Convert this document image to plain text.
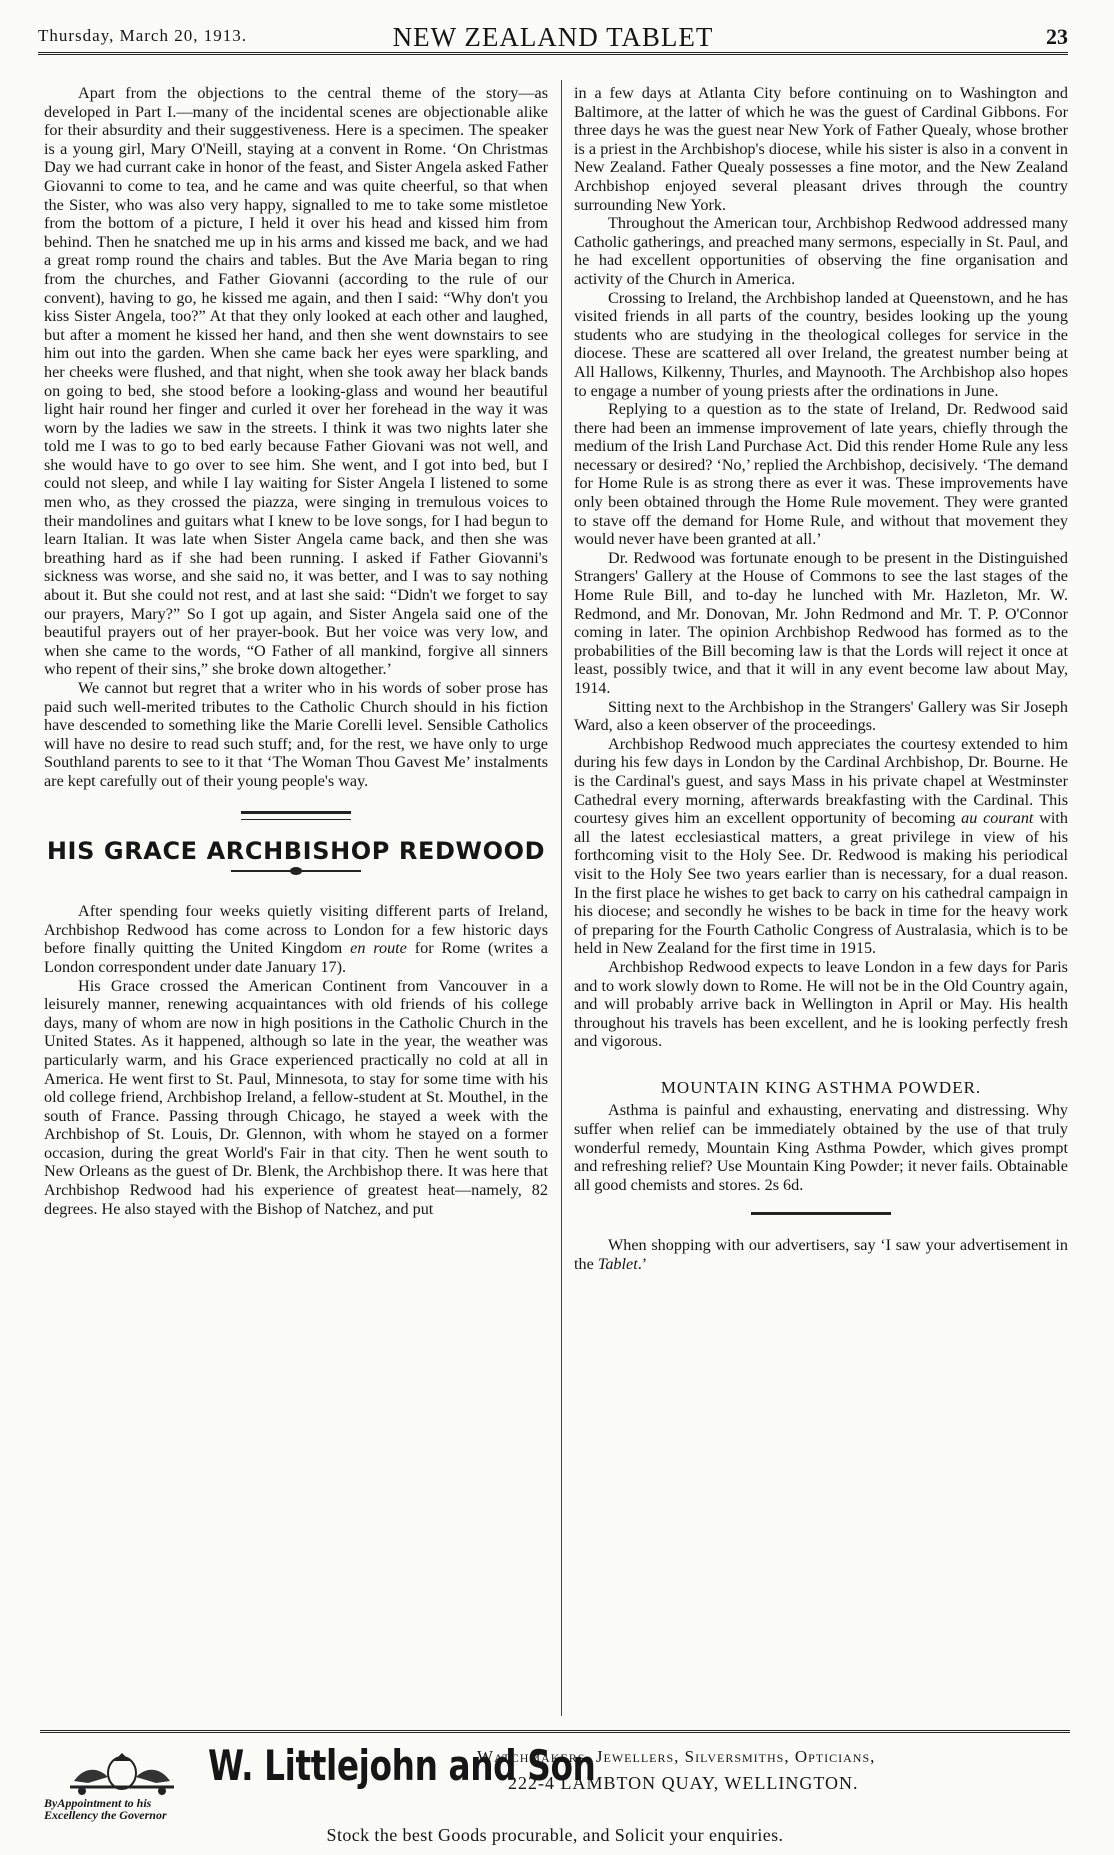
Thursday, March 20, 1913.	NEW ZEALAND TABLET	23

Apart from the objections to the central theme of the story—as developed in Part I.—many of the incidental scenes are objectionable alike for their absurdity and their suggestiveness. Here is a specimen. The speaker is a young girl, Mary O'Neill, staying at a convent in Rome. ‘On Christmas Day we had currant cake in honor of the feast, and Sister Angela asked Father Giovanni to come to tea, and he came and was quite cheerful, so that when the Sister, who was also very happy, signalled to me to take some mistletoe from the bottom of a picture, I held it over his head and kissed him from behind. Then he snatched me up in his arms and kissed me back, and we had a great romp round the chairs and tables. But the Ave Maria began to ring from the churches, and Father Giovanni (according to the rule of our convent), having to go, he kissed me again, and then I said: “Why don't you kiss Sister Angela, too?” At that they only looked at each other and laughed, but after a moment he kissed her hand, and then she went downstairs to see him out into the garden. When she came back her eyes were sparkling, and her cheeks were flushed, and that night, when she took away her black bands on going to bed, she stood before a looking-glass and wound her beautiful light hair round her finger and curled it over her forehead in the way it was worn by the ladies we saw in the streets. I think it was two nights later she told me I was to go to bed early because Father Giovani was not well, and she would have to go over to see him. She went, and I got into bed, but I could not sleep, and while I lay waiting for Sister Angela I listened to some men who, as they crossed the piazza, were singing in tremulous voices to their mandolines and guitars what I knew to be love songs, for I had begun to learn Italian. It was late when Sister Angela came back, and then she was breathing hard as if she had been running. I asked if Father Giovanni's sickness was worse, and she said no, it was better, and I was to say nothing about it. But she could not rest, and at last she said: “Didn't we forget to say our prayers, Mary?” So I got up again, and Sister Angela said one of the beautiful prayers out of her prayer-book. But her voice was very low, and when she came to the words, “O Father of all mankind, forgive all sinners who repent of their sins,” she broke down altogether.’

We cannot but regret that a writer who in his words of sober prose has paid such well-merited tributes to the Catholic Church should in his fiction have descended to something like the Marie Corelli level. Sensible Catholics will have no desire to read such stuff; and, for the rest, we have only to urge Southland parents to see to it that ‘The Woman Thou Gavest Me’ instalments are kept carefully out of their young people's way.

HIS GRACE ARCHBISHOP REDWOOD

After spending four weeks quietly visiting different parts of Ireland, Archbishop Redwood has come across to London for a few historic days before finally quitting the United Kingdom en route for Rome (writes a London correspondent under date January 17).

His Grace crossed the American Continent from Vancouver in a leisurely manner, renewing acquaintances with old friends of his college days, many of whom are now in high positions in the Catholic Church in the United States. As it happened, although so late in the year, the weather was particularly warm, and his Grace experienced practically no cold at all in America. He went first to St. Paul, Minnesota, to stay for some time with his old college friend, Archbishop Ireland, a fellow-student at St. Mouthel, in the south of France. Passing through Chicago, he stayed a week with the Archbishop of St. Louis, Dr. Glennon, with whom he stayed on a former occasion, during the great World's Fair in that city. Then he went south to New Orleans as the guest of Dr. Blenk, the Archbishop there. It was here that Archbishop Redwood had his experience of greatest heat—namely, 82 degrees. He also stayed with the Bishop of Natchez, and put

in a few days at Atlanta City before continuing on to Washington and Baltimore, at the latter of which he was the guest of Cardinal Gibbons. For three days he was the guest near New York of Father Quealy, whose brother is a priest in the Archbishop's diocese, while his sister is also in a convent in New Zealand. Father Quealy possesses a fine motor, and the New Zealand Archbishop enjoyed several pleasant drives through the country surrounding New York.

Throughout the American tour, Archbishop Redwood addressed many Catholic gatherings, and preached many sermons, especially in St. Paul, and he had excellent opportunities of observing the fine organisation and activity of the Church in America.

Crossing to Ireland, the Archbishop landed at Queenstown, and he has visited friends in all parts of the country, besides looking up the young students who are studying in the theological colleges for service in the diocese. These are scattered all over Ireland, the greatest number being at All Hallows, Kilkenny, Thurles, and Maynooth. The Archbishop also hopes to engage a number of young priests after the ordinations in June.

Replying to a question as to the state of Ireland, Dr. Redwood said there had been an immense improvement of late years, chiefly through the medium of the Irish Land Purchase Act. Did this render Home Rule any less necessary or desired? ‘No,’ replied the Archbishop, decisively. ‘The demand for Home Rule is as strong there as ever it was. These improvements have only been obtained through the Home Rule movement. They were granted to stave off the demand for Home Rule, and without that movement they would never have been granted at all.’

Dr. Redwood was fortunate enough to be present in the Distinguished Strangers' Gallery at the House of Commons to see the last stages of the Home Rule Bill, and to-day he lunched with Mr. Hazleton, Mr. W. Redmond, and Mr. Donovan, Mr. John Redmond and Mr. T. P. O'Connor coming in later. The opinion Archbishop Redwood has formed as to the probabilities of the Bill becoming law is that the Lords will reject it once at least, possibly twice, and that it will in any event become law about May, 1914.

Sitting next to the Archbishop in the Strangers' Gallery was Sir Joseph Ward, also a keen observer of the proceedings.

Archbishop Redwood much appreciates the courtesy extended to him during his few days in London by the Cardinal Archbishop, Dr. Bourne. He is the Cardinal's guest, and says Mass in his private chapel at Westminster Cathedral every morning, afterwards breakfasting with the Cardinal. This courtesy gives him an excellent opportunity of becoming au courant with all the latest ecclesiastical matters, a great privilege in view of his forthcoming visit to the Holy See. Dr. Redwood is making his periodical visit to the Holy See two years earlier than is necessary, for a dual reason. In the first place he wishes to get back to carry on his cathedral campaign in his diocese; and secondly he wishes to be back in time for the heavy work of preparing for the Fourth Catholic Congress of Australasia, which is to be held in New Zealand for the first time in 1915.

Archbishop Redwood expects to leave London in a few days for Paris and to work slowly down to Rome. He will not be in the Old Country again, and will probably arrive back in Wellington in April or May. His health throughout his travels has been excellent, and he is looking perfectly fresh and vigorous.

MOUNTAIN KING ASTHMA POWDER.

Asthma is painful and exhausting, enervating and distressing. Why suffer when relief can be immediately obtained by the use of that truly wonderful remedy, Mountain King Asthma Powder, which gives prompt and refreshing relief? Use Mountain King Powder; it never fails. Obtainable all good chemists and stores. 2s 6d.

When shopping with our advertisers, say ‘I saw your advertisement in the Tablet.’

ByAppointment to his
Excellency the Governor
W. Littlejohn and Son
Watchmakers, Jewellers, Silversmiths, Opticians,
222-4 LAMBTON QUAY, WELLINGTON.
Stock the best Goods procurable, and Solicit your enquiries.
